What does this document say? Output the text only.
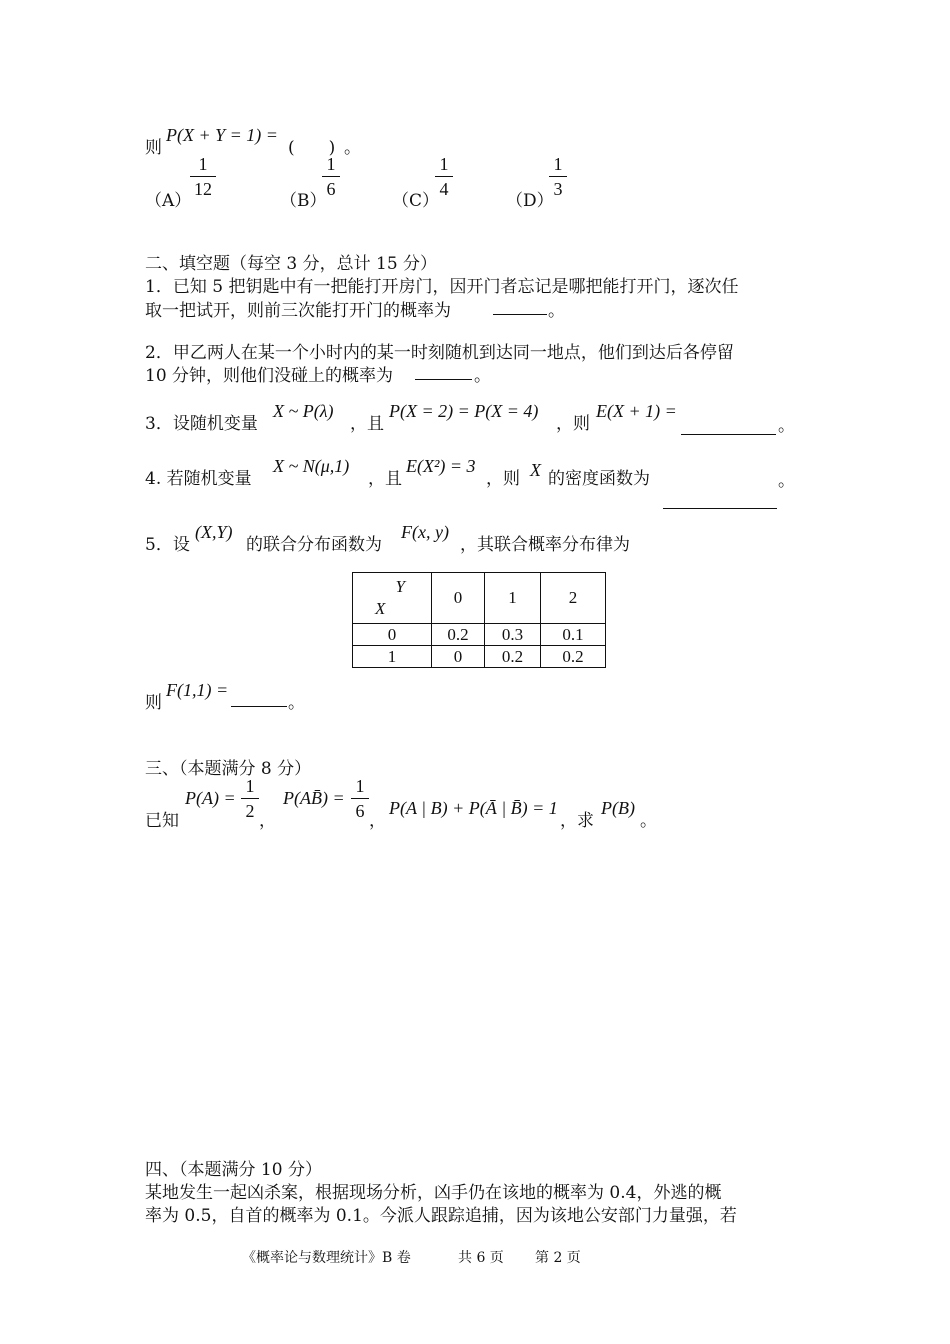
则
P(X + Y = 1) =
(　　) 。
（A）
1
12
（B）
1
6
（C）
1
4
（D）
1
3
二、填空题（每空 3 分，总计 15 分）
1．已知 5 把钥匙中有一把能打开房门，因开门者忘记是哪把能打开门，逐次任
取一把试开，则前三次能打开门的概率为	。
2．甲乙两人在某一个小时内的某一时刻随机到达同一地点，他们到达后各停留
10 分钟，则他们没碰上的概率为	。
3．设随机变量
X ~ P(λ)
，且
P(X = 2) = P(X = 4)
，则
E(X + 1) =
。
4. 若随机变量
X ~ N(μ,1)
，且
E(X²) = 3
，则 X 的密度函数为	。
5．设
(X,Y)
的联合分布函数为
F(x, y)
，其联合概率分布律为
Y
X	0	1	2
0	0.2	0.3	0.1
1	0	0.2	0.2
则
F(1,1) =
。
三、（本题满分 8 分）
已知
P(A) =
1
2 ，
P(AB̄) =
1
6 ，
P(A | B) + P(Ā | B̄) = 1
，求
P(B)
。
四、（本题满分 10 分）
某地发生一起凶杀案，根据现场分析，凶手仍在该地的概率为 0.4，外逃的概
率为 0.5，自首的概率为 0.1。今派人跟踪追捕，因为该地公安部门力量强，若
《概率论与数理统计》B 卷	共 6 页 第 2 页
